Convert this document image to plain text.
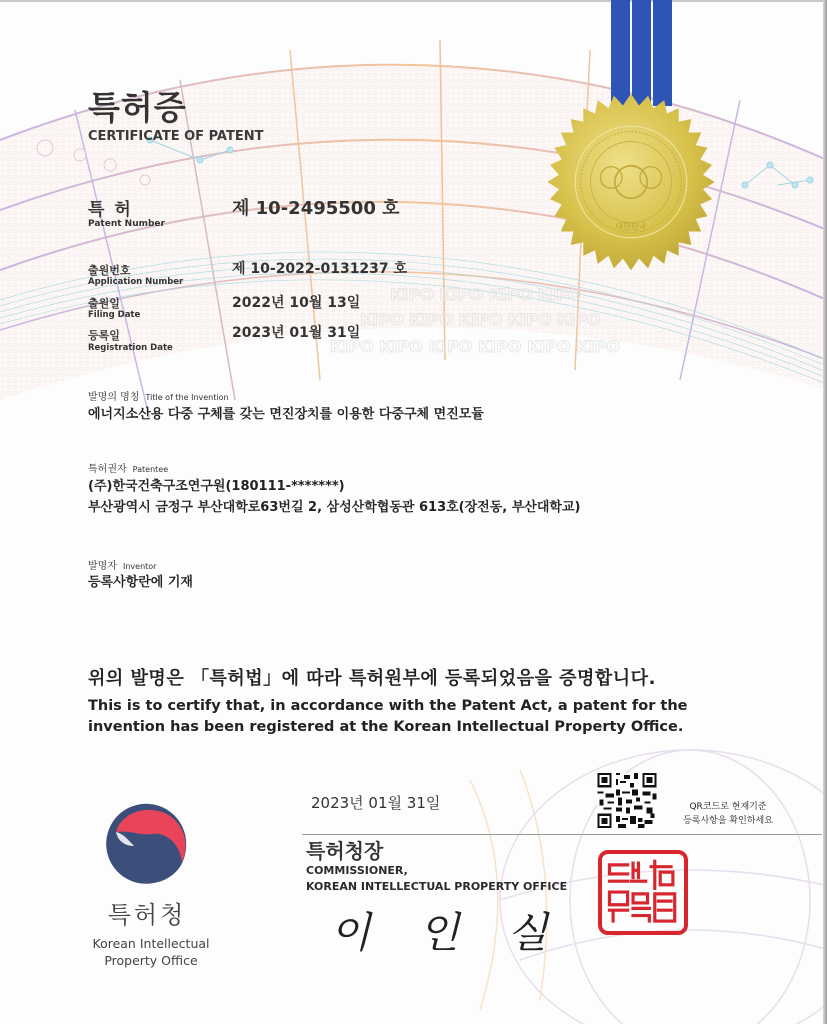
KIPO KIPO KIPO KIPO
KIPO KIPO KIPO KIPO KIPO
KIPO KIPO KIPO KIPO KIPO KIPO
대한민국
특허증
CERTIFICATE OF PATENT
특 허
Patent Number
제 10-2495500 호
출원번호
Application Number
제 10-2022-0131237 호
출원일
Filing Date
2022년 10월 13일
등록일
Registration Date
2023년 01월 31일
발명의 명칭 Title of the Invention
에너지소산용 다중 구체를 갖는 면진장치를 이용한 다중구체 면진모듈
특허권자 Patentee
(주)한국건축구조연구원(180111-*******)
부산광역시 금정구 부산대학로63번길 2, 삼성산학협동관 613호(장전동, 부산대학교)
발명자 Inventor
등록사항란에 기재
위의 발명은 「특허법」에 따라 특허원부에 등록되었음을 증명합니다.
This is to certify that, in accordance with the Patent Act, a patent for the
invention has been registered at the Korean Intellectual Property Office.
2023년 01월 31일	QR코드로 현재기준
등록사항을 확인하세요
특허청장
COMMISSIONER,
KOREAN INTELLECTUAL PROPERTY OFFICE
이인실
특허청
Korean Intellectual
Property Office
